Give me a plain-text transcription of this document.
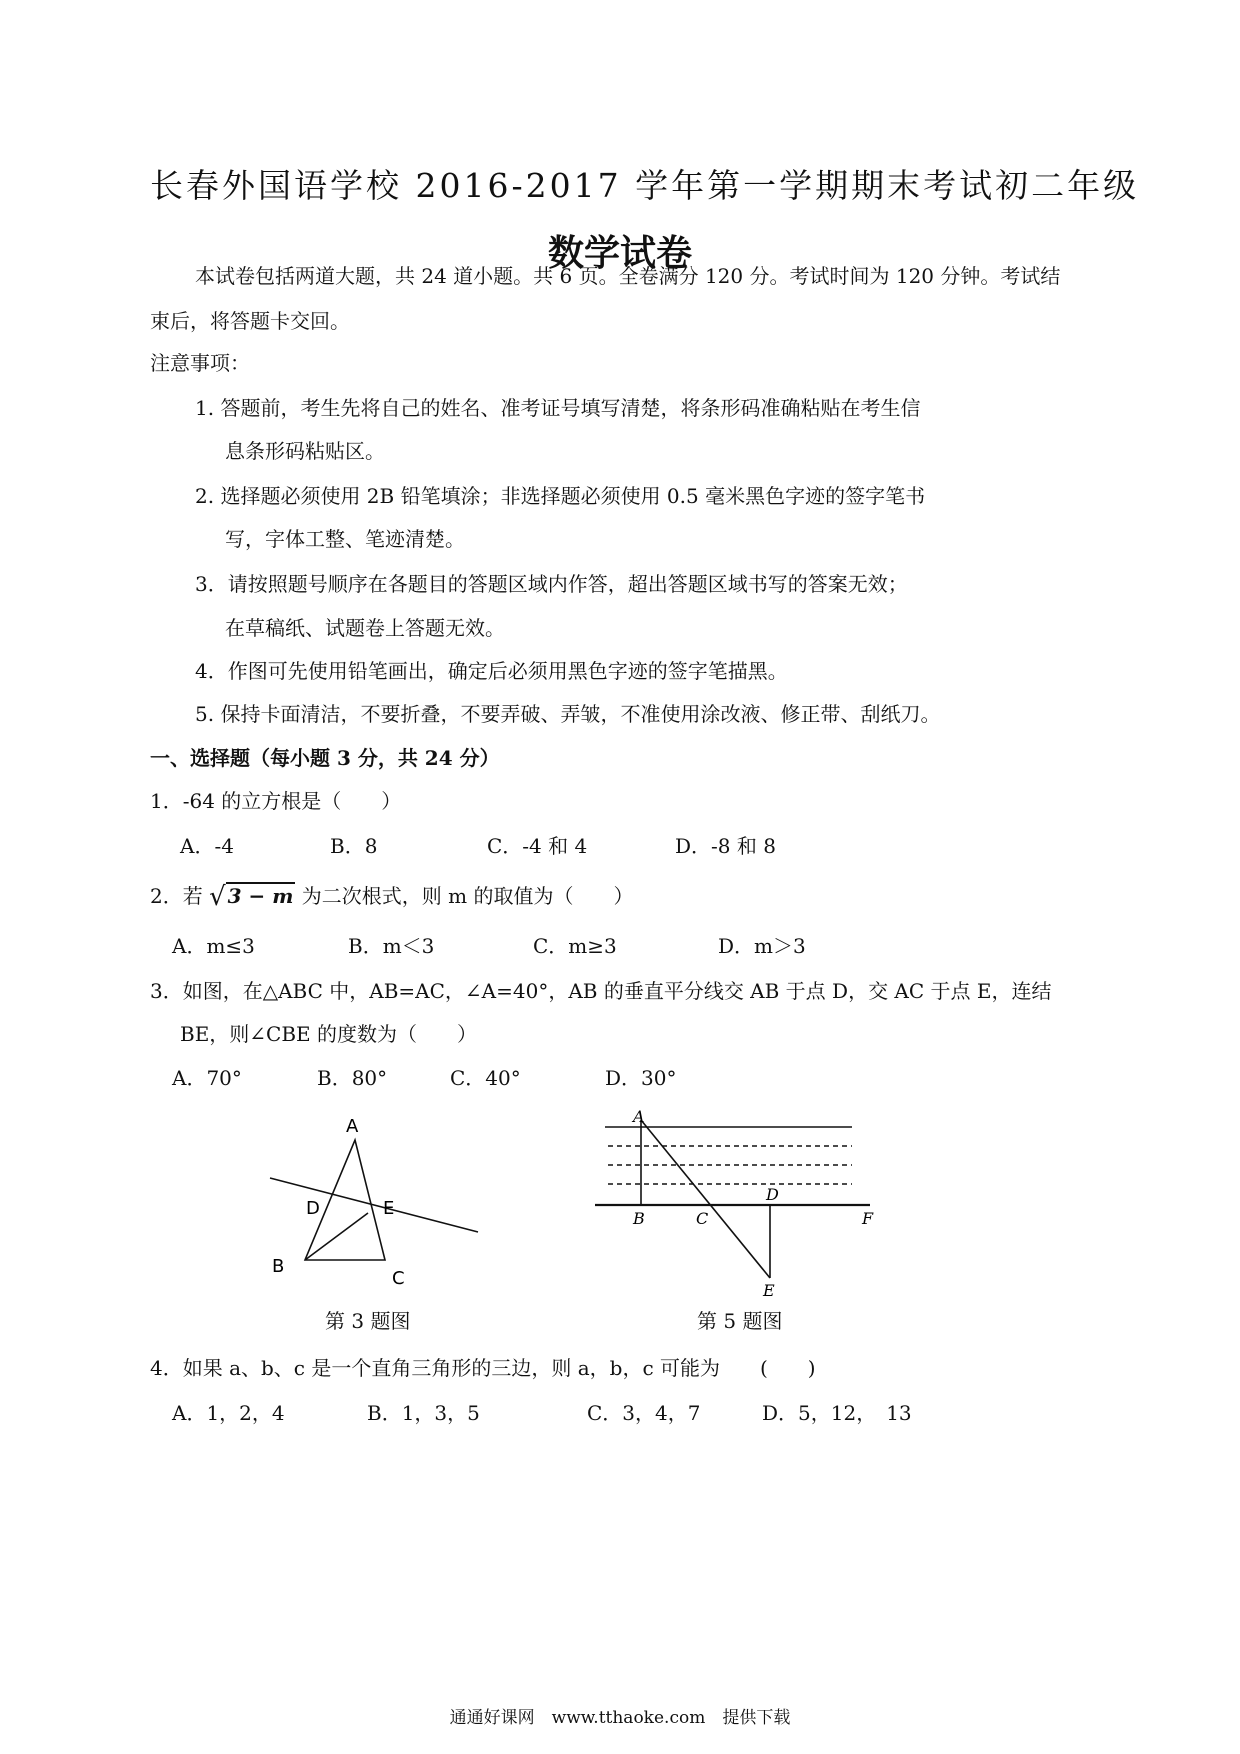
长春外国语学校 2016-2017 学年第一学期期末考试初二年级
数学试卷
本试卷包括两道大题，共 24 道小题。共 6 页。全卷满分 120 分。考试时间为 120 分钟。考试结
束后，将答题卡交回。
注意事项：
1. 答题前，考生先将自己的姓名、准考证号填写清楚，将条形码准确粘贴在考生信
息条形码粘贴区。
2. 选择题必须使用 2B 铅笔填涂；非选择题必须使用 0.5 毫米黑色字迹的签字笔书
写，字体工整、笔迹清楚。
3．请按照题号顺序在各题目的答题区域内作答，超出答题区域书写的答案无效；
在草稿纸、试题卷上答题无效。
4．作图可先使用铅笔画出，确定后必须用黑色字迹的签字笔描黑。
5. 保持卡面清洁，不要折叠，不要弄破、弄皱，不准使用涂改液、修正带、刮纸刀。
一、选择题（每小题 3 分，共 24 分）
1．-64 的立方根是（　　）
A．-4	B．8	C．-4 和 4	D．-8 和 8
2．若 √ 3 − m 为二次根式，则 m 的取值为（　　）
A．m≤3	B．m＜3	C．m≥3	D．m＞3
3．如图，在△ABC 中，AB=AC，∠A=40°，AB 的垂直平分线交 AB 于点 D，交 AC 于点 E，连结
BE，则∠CBE 的度数为（　　）
A．70°	B．80°	C．40°	D．30°
A
D	E
B
C
第 3 题图
A
B	C
D
E
F
第 5 题图
4．如果 a、b、c 是一个直角三角形的三边，则 a，b，c 可能为　　(　　)
A．1，2，4	B．1，3，5	C．3，4，7	D．5，12，　13
通通好课网　www.tthaoke.com　提供下载
